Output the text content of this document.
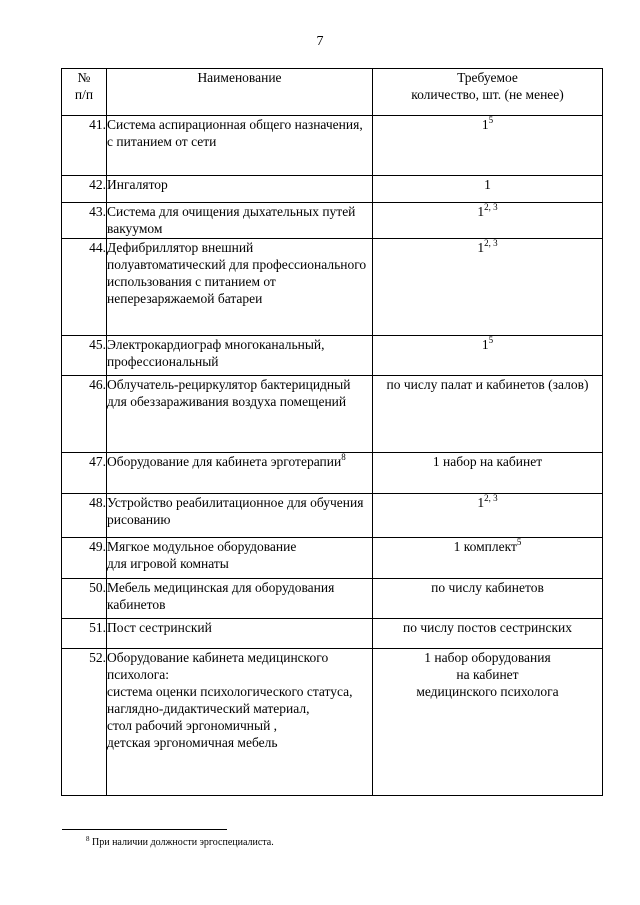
7
№
п/п	Наименование	Требуемое
количество, шт. (не менее)

41.	Система аспирационная общего назначения, с питанием от сети	$1^5$
42.	Ингалятор	1
43.	Система для очищения дыхательных путей вакуумом	1$^{2, 3}$
44.	Дефибриллятор внешний полуавтоматический для профессионального использования с питанием от неперезаряжаемой батареи	1$^{2, 3}$
45.	Электрокардиограф многоканальный, профессиональный	$1^5$
46.	Облучатель-рециркулятор бактерицидный для обеззараживания воздуха помещений	по числу палат и кабинетов (залов)
47.	Оборудование для кабинета эрготерапии$^8$	1 набор на кабинет
48.	Устройство реабилитационное для обучения рисованию	1$^{2, 3}$
49.	Мягкое модульное оборудование
для игровой комнаты	1 комплект$^5$
50.	Мебель медицинская для оборудования кабинетов	по числу кабинетов
51.	Пост сестринский	по числу постов сестринских
52.	Оборудование кабинета медицинского психолога:
система оценки психологического статуса,
наглядно-дидактический материал,
стол рабочий эргономичный ,
детская эргономичная мебель	1 набор оборудования
на кабинет
медицинского психолога
$^8$ При наличии должности эргоспециалиста.
